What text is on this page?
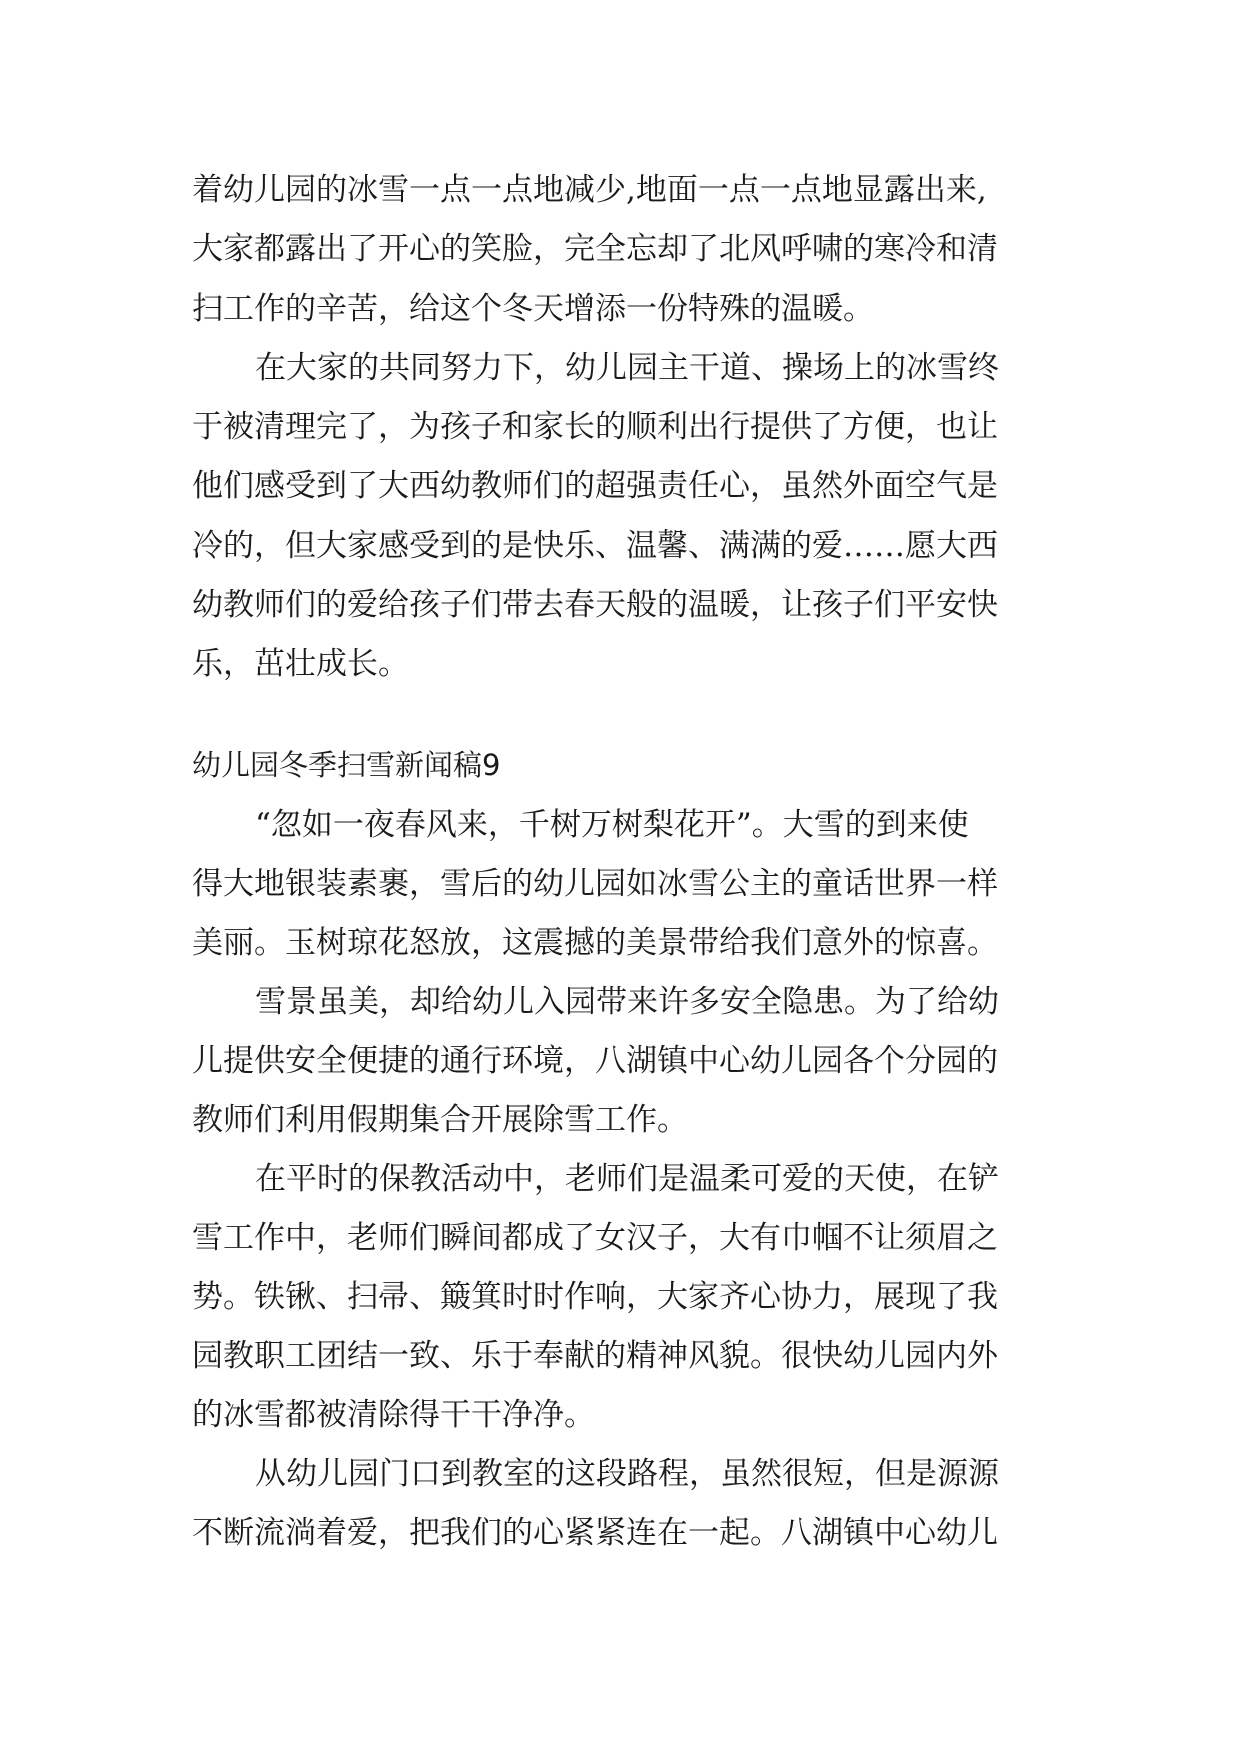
着幼儿园的冰雪一点一点地减少,地面一点一点地显露出来,
大家都露出了开心的笑脸，完全忘却了北风呼啸的寒冷和清
扫工作的辛苦，给这个冬天增添一份特殊的温暖。
在大家的共同努力下，幼儿园主干道、操场上的冰雪终
于被清理完了，为孩子和家长的顺利出行提供了方便，也让
他们感受到了大西幼教师们的超强责任心，虽然外面空气是
冷的，但大家感受到的是快乐、温馨、满满的爱……愿大西
幼教师们的爱给孩子们带去春天般的温暖，让孩子们平安快
乐，茁壮成长。
幼儿园冬季扫雪新闻稿9
“忽如一夜春风来，千树万树梨花开”。大雪的到来使
得大地银装素裹，雪后的幼儿园如冰雪公主的童话世界一样
美丽。玉树琼花怒放，这震撼的美景带给我们意外的惊喜。
雪景虽美，却给幼儿入园带来许多安全隐患。为了给幼
儿提供安全便捷的通行环境，八湖镇中心幼儿园各个分园的
教师们利用假期集合开展除雪工作。
在平时的保教活动中，老师们是温柔可爱的天使，在铲
雪工作中，老师们瞬间都成了女汉子，大有巾帼不让须眉之
势。铁锹、扫帚、簸箕时时作响，大家齐心协力，展现了我
园教职工团结一致、乐于奉献的精神风貌。很快幼儿园内外
的冰雪都被清除得干干净净。
从幼儿园门口到教室的这段路程，虽然很短，但是源源
不断流淌着爱，把我们的心紧紧连在一起。八湖镇中心幼儿
